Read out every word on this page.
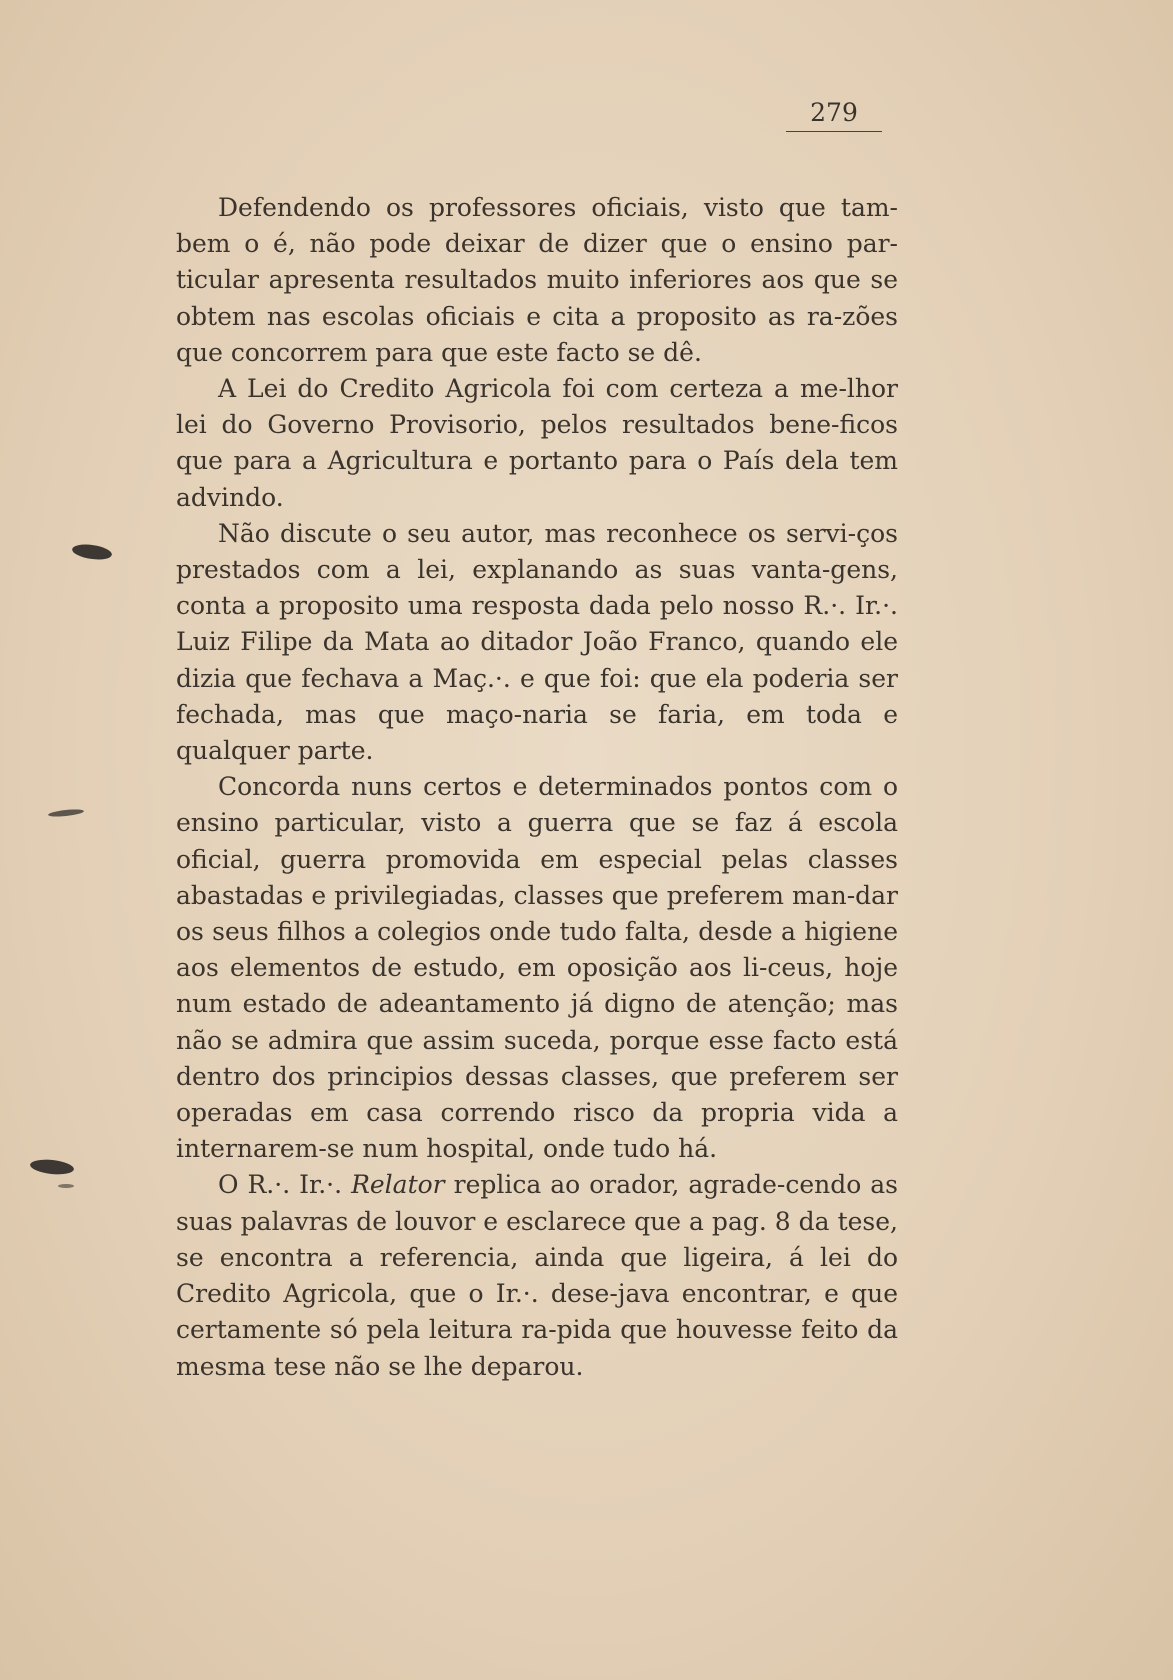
279

Defendendo os professores oficiais, visto que tam-bem o é, não pode deixar de dizer que o ensino par-ticular apresenta resultados muito inferiores aos que se obtem nas escolas oficiais e cita a proposito as ra-zões que concorrem para que este facto se dê.

A Lei do Credito Agricola foi com certeza a me-lhor lei do Governo Provisorio, pelos resultados bene-ficos que para a Agricultura e portanto para o País dela tem advindo.

Não discute o seu autor, mas reconhece os servi-ços prestados com a lei, explanando as suas vanta-gens, conta a proposito uma resposta dada pelo nosso R.·. Ir.·. Luiz Filipe da Mata ao ditador João Franco, quando ele dizia que fechava a Maç.·. e que foi: que ela poderia ser fechada, mas que maço-naria se faria, em toda e qualquer parte.

Concorda nuns certos e determinados pontos com o ensino particular, visto a guerra que se faz á escola oficial, guerra promovida em especial pelas classes abastadas e privilegiadas, classes que preferem man-dar os seus filhos a colegios onde tudo falta, desde a higiene aos elementos de estudo, em oposição aos li-ceus, hoje num estado de adeantamento já digno de atenção; mas não se admira que assim suceda, porque esse facto está dentro dos principios dessas classes, que preferem ser operadas em casa correndo risco da propria vida a internarem-se num hospital, onde tudo há.

O R.·. Ir.·. Relator replica ao orador, agrade-cendo as suas palavras de louvor e esclarece que a pag. 8 da tese, se encontra a referencia, ainda que ligeira, á lei do Credito Agricola, que o Ir.·. dese-java encontrar, e que certamente só pela leitura ra-pida que houvesse feito da mesma tese não se lhe deparou.
